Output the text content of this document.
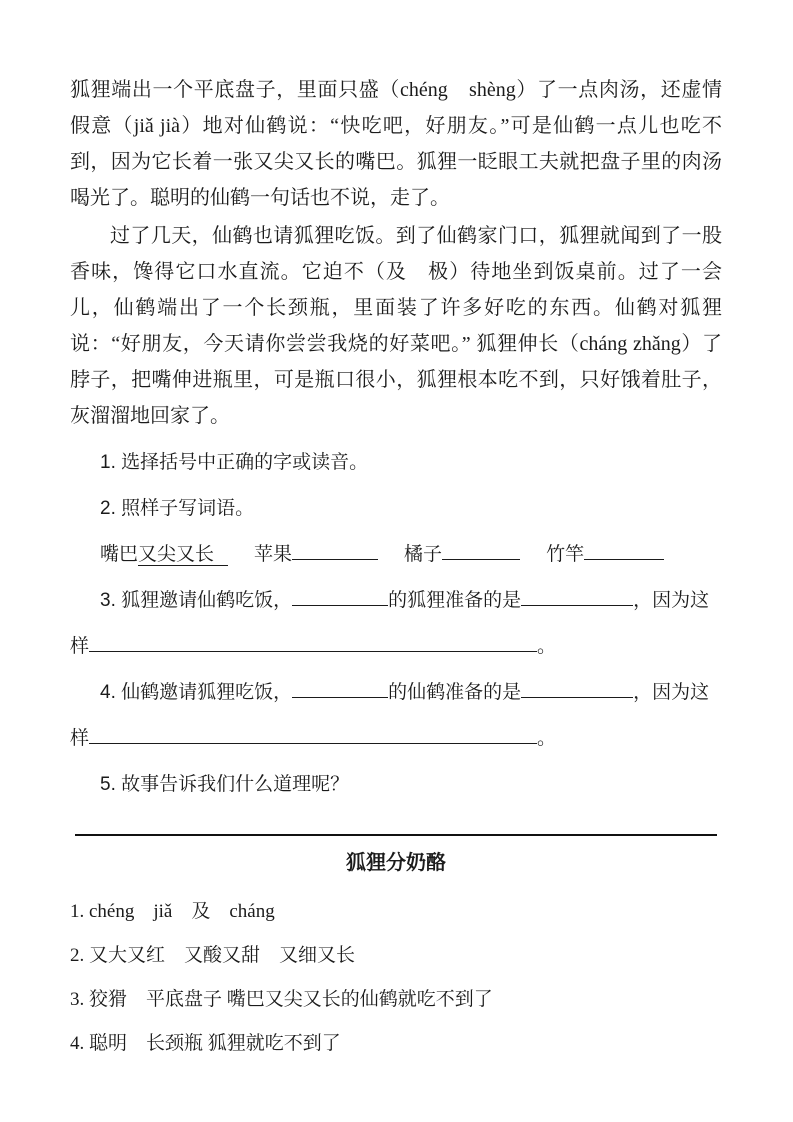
狐狸端出一个平底盘子，里面只盛（chéng　shèng）了一点肉汤，还虚情假意（jiǎ jià）地对仙鹤说：“快吃吧，好朋友。”可是仙鹤一点儿也吃不到，因为它长着一张又尖又长的嘴巴。狐狸一眨眼工夫就把盘子里的肉汤喝光了。聪明的仙鹤一句话也不说，走了。

过了几天，仙鹤也请狐狸吃饭。到了仙鹤家门口，狐狸就闻到了一股香味，馋得它口水直流。它迫不（及　极）待地坐到饭桌前。过了一会儿，仙鹤端出了一个长颈瓶，里面装了许多好吃的东西。仙鹤对狐狸说：“好朋友，今天请你尝尝我烧的好菜吧。” 狐狸伸长（cháng zhǎng）了脖子，把嘴伸进瓶里，可是瓶口很小，狐狸根本吃不到，只好饿着肚子，灰溜溜地回家了。

1. 选择括号中正确的字或读音。
2. 照样子写词语。
嘴巴又尖又长 苹果	橘子	竹竿
3. 狐狸邀请仙鹤吃饭，	的狐狸准备的是	，因为这
样	。
4. 仙鹤邀请狐狸吃饭，	的仙鹤准备的是	，因为这
样	。
5. 故事告诉我们什么道理呢？
狐狸分奶酪
1. chéng　jiǎ　及　cháng
2. 又大又红　又酸又甜　又细又长
3. 狡猾　平底盘子 嘴巴又尖又长的仙鹤就吃不到了
4. 聪明　长颈瓶 狐狸就吃不到了
